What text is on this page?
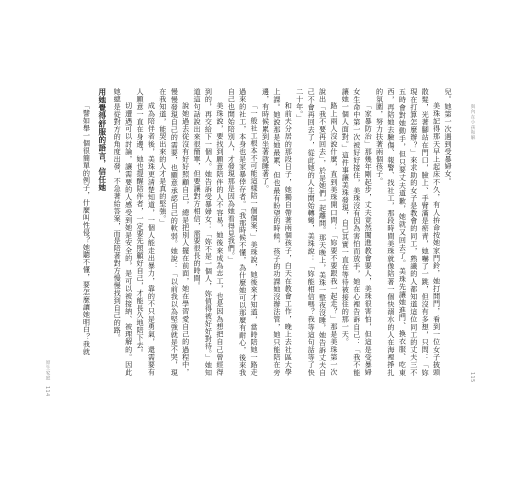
與內在小孩和解
115

兒。她第一次遇到受暴婦女。

美珠記得那天早上起床不久，有人拚命按她家門鈴，她打開門，看到一位女子披頭散髮，光著腳站在門口，臉上、手臂滿是瘀青，她嚇了一跳，但沒有多想，只問：「妳現在打算怎麼辦？」來求助的女子是教會的同工，熟識的人都知道這位同工的丈夫三不五時會對她動手，但只要丈夫道歉，她就又回去了。美珠先讓她進門、換衣服、吃東西，再陪她去驗傷、報警、找社工，那段時間美珠就像陪著一個快溺水的人在海裡掙扎的氛圍，努力扶著兩個孩子。

「家暴防治」那幾年剛起步，丈夫竟然闖進教會要人，美珠很害怕，但這是受暴婦女生命中第一次被好好接住，美珠沒有因為害怕而放手，她在心裡告訴自己：「我不能讓她一個人面對。」這件事讓美珠發現，自己其實一直在等待被接住的那一天。

路上兩人沒說什麼，直到美珠開口問：「妳要不要跟我一起走？」那是美珠第一次說出「我不要再回去」，於是她們一起離開。那天晚上，美珠一整夜沒睡，她告訴丈夫自己不會再回去了，從此她的人生開始轉彎，美珠說：「妳能相信嗎？我等這句話等了快二十年。」

和前夫分居的那段日子，她獨自帶著兩個孩子，白天在教會工作，晚上去社區大學上課。她說那是她最累、但也最有盼望的時候，孩子的功課她沒辦法管，她只能陪在旁邊，有時候累到坐著就睡著了。

「一般社工根本不可能這樣陪一個個案，」美珠說，她後來才知道，當時陪她一路走過來的社工，本身也是家暴倖存者。「我那時候不懂，為什麼她可以那麼有耐心，後來我自己也開始陪別人，才發現那是因為她看得見我們。」

美珠說，要找到願意陪伴的人不容易，她後來成為志工，也是因為想把自己曾經得到的，再交給下一個人。她告訴受暴婦女：「妳不是一個人，妳值得被好好對待。」她知道這句話說出來很簡單，但要讓對方相信，需要很長的時間。

說她過去從沒有好好照顧自己，總是把別人擺在前面，她在學習愛自己的過程中，慢慢發現自己的需要，也願意承認自己的軟弱。她說：「以前我以為堅強就是不哭，現在我知道，能哭出來的人才是真的堅強。」

成為陪伴者後，美珠更清楚知道，一個人能走出暴力，靠的不只是勇氣，還需要有人願意一直在身邊，她也提醒陪伴者，一定要先照顧好自己，才能長久地陪下去。

切遭遇可以討論，讓需要的人感受到她是安全的，是可以被接納、被理解的。因此她總是從對方的角度出發，不急著給答案，而是陪著對方慢慢找到自己的路。

用她覺得舒服的語言，信任她

「譬如舉一個很簡單的例子，什麼叫性侵？她聽不懂，要怎麼讓她明白？我就

原生家庭
114
